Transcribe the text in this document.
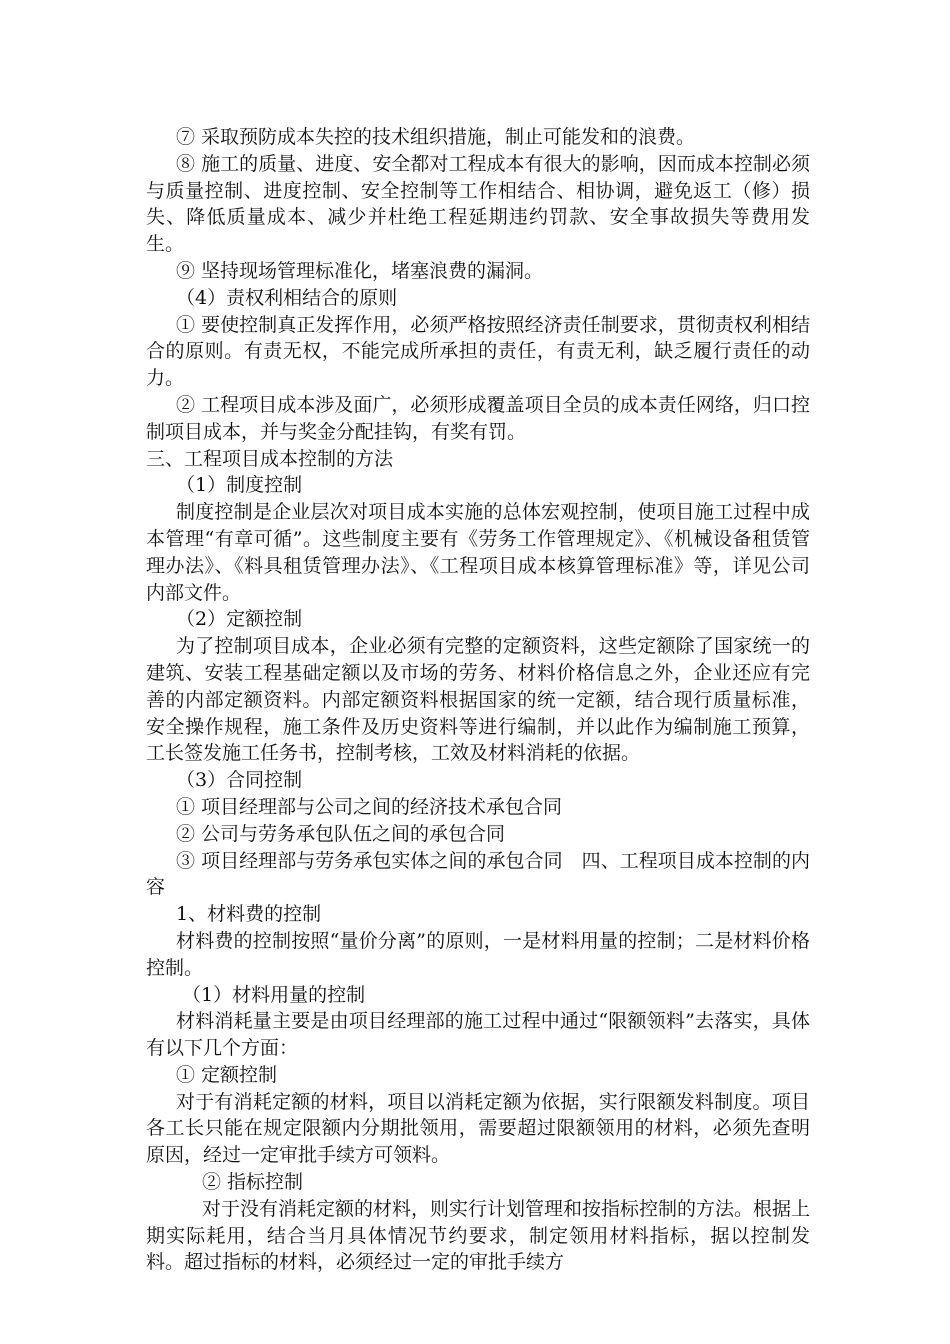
⑦ 采取预防成本失控的技术组织措施，制止可能发和的浪费。

⑧ 施工的质量、进度、安全都对工程成本有很大的影响，因而成本控制必须与质量控制、进度控制、安全控制等工作相结合、相协调，避免返工（修）损失、降低质量成本、减少并杜绝工程延期违约罚款、安全事故损失等费用发生。

⑨ 坚持现场管理标准化，堵塞浪费的漏洞。

（4）责权利相结合的原则

① 要使控制真正发挥作用，必须严格按照经济责任制要求，贯彻责权利相结合的原则。有责无权，不能完成所承担的责任，有责无利，缺乏履行责任的动力。

② 工程项目成本涉及面广，必须形成覆盖项目全员的成本责任网络，归口控制项目成本，并与奖金分配挂钩，有奖有罚。

三、工程项目成本控制的方法

（1）制度控制

制度控制是企业层次对项目成本实施的总体宏观控制，使项目施工过程中成本管理“有章可循”。这些制度主要有《劳务工作管理规定》、《机械设备租赁管理办法》、《料具租赁管理办法》、《工程项目成本核算管理标准》等，详见公司内部文件。

（2）定额控制

为了控制项目成本，企业必须有完整的定额资料，这些定额除了国家统一的建筑、安装工程基础定额以及市场的劳务、材料价格信息之外，企业还应有完善的内部定额资料。内部定额资料根据国家的统一定额，结合现行质量标准，安全操作规程，施工条件及历史资料等进行编制，并以此作为编制施工预算，工长签发施工任务书，控制考核，工效及材料消耗的依据。

（3）合同控制

① 项目经理部与公司之间的经济技术承包合同

② 公司与劳务承包队伍之间的承包合同

③ 项目经理部与劳务承包实体之间的承包合同　四、工程项目成本控制的内容

1、材料费的控制

材料费的控制按照“量价分离”的原则，一是材料用量的控制；二是材料价格控制。

（1）材料用量的控制

材料消耗量主要是由项目经理部的施工过程中通过“限额领料”去落实，具体有以下几个方面：

① 定额控制

对于有消耗定额的材料，项目以消耗定额为依据，实行限额发料制度。项目各工长只能在规定限额内分期批领用，需要超过限额领用的材料，必须先查明原因，经过一定审批手续方可领料。

② 指标控制

对于没有消耗定额的材料，则实行计划管理和按指标控制的方法。根据上期实际耗用，结合当月具体情况节约要求，制定领用材料指标，据以控制发料。超过指标的材料，必须经过一定的审批手续方
